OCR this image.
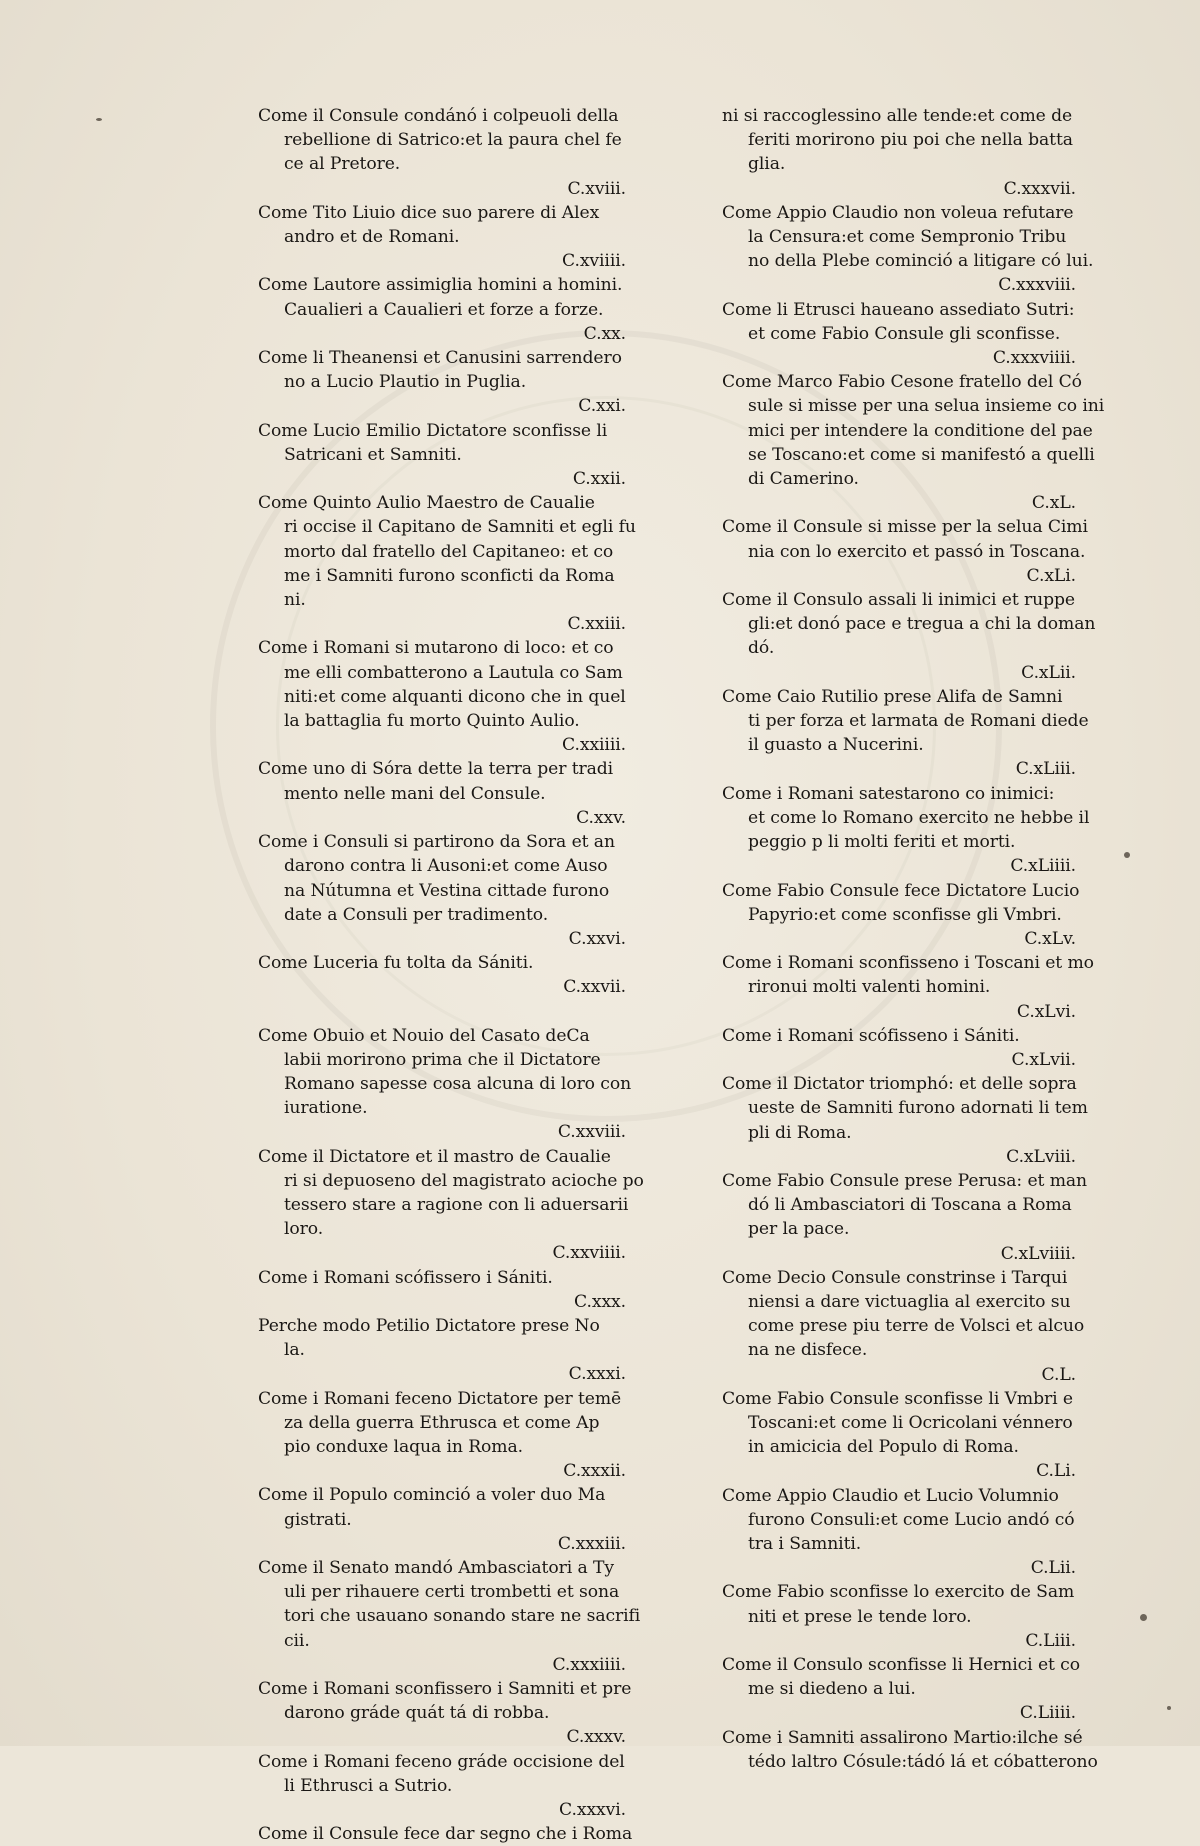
Come il Consule condánó i colpeuoli della
rebellione di Satrico:et la paura chel fe
ce al Pretore.
C.xviii.

Come Tito Liuio dice suo parere di Alex
andro et de Romani.
C.xviiii.

Come Lautore assimiglia homini a homini.
Caualieri a Caualieri et forze a forze.
C.xx.

Come li Theanensi et Canusini sarrendero
no a Lucio Plautio in Puglia.
C.xxi.

Come Lucio Emilio Dictatore sconfisse li
Satricani et Samniti.
C.xxii.

Come Quinto Aulio Maestro de Caualie
ri occise il Capitano de Samniti et egli fu
morto dal fratello del Capitaneo: et co
me i Samniti furono sconficti da Roma
ni.
C.xxiii.

Come i Romani si mutarono di loco: et co
me elli combatterono a Lautula co Sam
niti:et come alquanti dicono che in quel
la battaglia fu morto Quinto Aulio.
C.xxiiii.

Come uno di Sóra dette la terra per tradi
mento nelle mani del Consule.
C.xxv.

Come i Consuli si partirono da Sora et an
darono contra li Ausoni:et come Auso
na Nútumna et Vestina cittade furono
date a Consuli per tradimento.
C.xxvi.

Come Luceria fu tolta da Sániti.
C.xxvii.

Come Obuio et Nouio del Casato deCa
labii morirono prima che il Dictatore
Romano sapesse cosa alcuna di loro con
iuratione.
C.xxviii.

Come il Dictatore et il mastro de Caualie
ri si depuoseno del magistrato acioche po
tessero stare a ragione con li aduersarii
loro.
C.xxviiii.

Come i Romani scófissero i Sániti.
C.xxx.

Perche modo Petilio Dictatore prese No
la.
C.xxxi.

Come i Romani feceno Dictatore per temē
za della guerra Ethrusca et come Ap
pio conduxe laqua in Roma.
C.xxxii.

Come il Populo cominció a voler duo Ma
gistrati.
C.xxxiii.

Come il Senato mandó Ambasciatori a Ty
uli per rihauere certi trombetti et sona
tori che usauano sonando stare ne sacrifi
cii.
C.xxxiiii.

Come i Romani sconfissero i Samniti et pre
darono gráde quát tá di robba.
C.xxxv.

Come i Romani feceno gráde occisione del
li Ethrusci a Sutrio.
C.xxxvi.

Come il Consule fece dar segno che i Roma

ni si raccoglessino alle tende:et come de
feriti morirono piu poi che nella batta
glia.
C.xxxvii.

Come Appio Claudio non voleua refutare
la Censura:et come Sempronio Tribu
no della Plebe cominció a litigare có lui.
C.xxxviii.

Come li Etrusci haueano assediato Sutri:
et come Fabio Consule gli sconfisse.
C.xxxviiii.

Come Marco Fabio Cesone fratello del Có
sule si misse per una selua insieme co ini
mici per intendere la conditione del pae
se Toscano:et come si manifestó a quelli
di Camerino.
C.xL.

Come il Consule si misse per la selua Cimi
nia con lo exercito et passó in Toscana.
C.xLi.

Come il Consulo assali li inimici et ruppe
gli:et donó pace e tregua a chi la doman
dó.
C.xLii.

Come Caio Rutilio prese Alifa de Samni
ti per forza et larmata de Romani diede
il guasto a Nucerini.
C.xLiii.

Come i Romani satestarono co inimici:
et come lo Romano exercito ne hebbe il
peggio p li molti feriti et morti.
C.xLiiii.

Come Fabio Consule fece Dictatore Lucio
Papyrio:et come sconfisse gli Vmbri.
C.xLv.

Come i Romani sconfisseno i Toscani et mo
rironui molti valenti homini.
C.xLvi.

Come i Romani scófisseno i Sániti.
C.xLvii.

Come il Dictator triomphó: et delle sopra
ueste de Samniti furono adornati li tem
pli di Roma.
C.xLviii.

Come Fabio Consule prese Perusa: et man
dó li Ambasciatori di Toscana a Roma
per la pace.
C.xLviiii.

Come Decio Consule constrinse i Tarqui
niensi a dare victuaglia al exercito su
come prese piu terre de Volsci et alcuo
na ne disfece.
C.L.

Come Fabio Consule sconfisse li Vmbri e
Toscani:et come li Ocricolani vénnero
in amicicia del Populo di Roma.
C.Li.

Come Appio Claudio et Lucio Volumnio
furono Consuli:et come Lucio andó có
tra i Samniti.
C.Lii.

Come Fabio sconfisse lo exercito de Sam
niti et prese le tende loro.
C.Liii.

Come il Consulo sconfisse li Hernici et co
me si diedeno a lui.
C.Liiii.

Come i Samniti assalirono Martio:ilche sé
tédo laltro Cósule:tádó lá et cóbatterono
